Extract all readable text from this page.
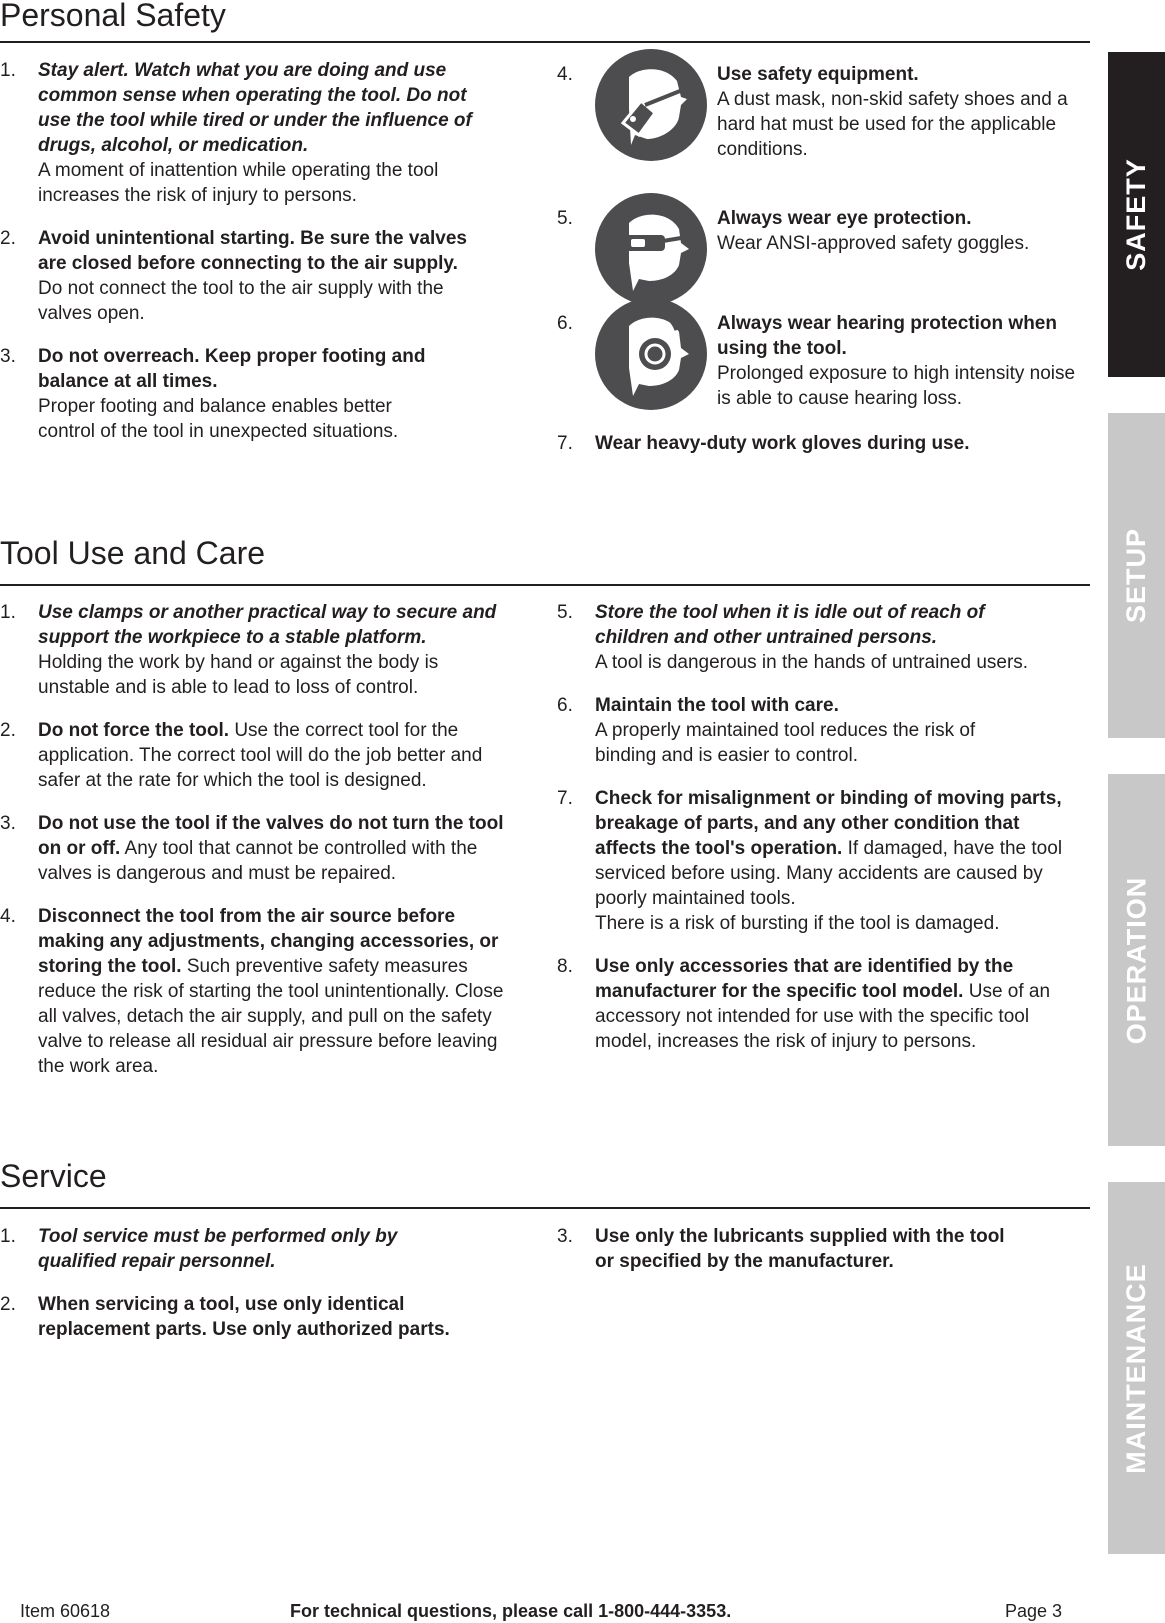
Personal Safety
1. Stay alert. Watch what you are doing and use common sense when operating the tool. Do not use the tool while tired or under the influence of drugs, alcohol, or medication.
A moment of inattention while operating the tool increases the risk of injury to persons.
2. Avoid unintentional starting. Be sure the valves are closed before connecting to the air supply. Do not connect the tool to the air supply with the valves open.
3. Do not overreach. Keep proper footing and balance at all times.
Proper footing and balance enables better control of the tool in unexpected situations.
4.	Use safety equipment.
A dust mask, non-skid safety shoes and a hard hat must be used for the applicable conditions.
5.	Always wear eye protection.
Wear ANSI-approved safety goggles.
6.	Always wear hearing protection when using the tool.
Prolonged exposure to high intensity noise is able to cause hearing loss.
7. Wear heavy-duty work gloves during use.
Tool Use and Care
1. Use clamps or another practical way to secure and support the workpiece to a stable platform.
Holding the work by hand or against the body is unstable and is able to lead to loss of control.
2. Do not force the tool. Use the correct tool for the application. The correct tool will do the job better and safer at the rate for which the tool is designed.
3. Do not use the tool if the valves do not turn the tool on or off. Any tool that cannot be controlled with the valves is dangerous and must be repaired.
4. Disconnect the tool from the air source before making any adjustments, changing accessories, or storing the tool. Such preventive safety measures reduce the risk of starting the tool unintentionally. Close all valves, detach the air supply, and pull on the safety valve to release all residual air pressure before leaving the work area.
5. Store the tool when it is idle out of reach of children and other untrained persons.
A tool is dangerous in the hands of untrained users.
6. Maintain the tool with care.
A properly maintained tool reduces the risk of binding and is easier to control.
7. Check for misalignment or binding of moving parts, breakage of parts, and any other condition that affects the tool's operation. If damaged, have the tool serviced before using. Many accidents are caused by poorly maintained tools.
There is a risk of bursting if the tool is damaged.
8. Use only accessories that are identified by the manufacturer for the specific tool model. Use of an accessory not intended for use with the specific tool model, increases the risk of injury to persons.
Service
1. Tool service must be performed only by qualified repair personnel.
2. When servicing a tool, use only identical replacement parts. Use only authorized parts.
3. Use only the lubricants supplied with the tool or specified by the manufacturer.
SAFETY
SETUP
OPERATION
MAINTENANCE
Item 60618	For technical questions, please call 1-800-444-3353.	Page 3
